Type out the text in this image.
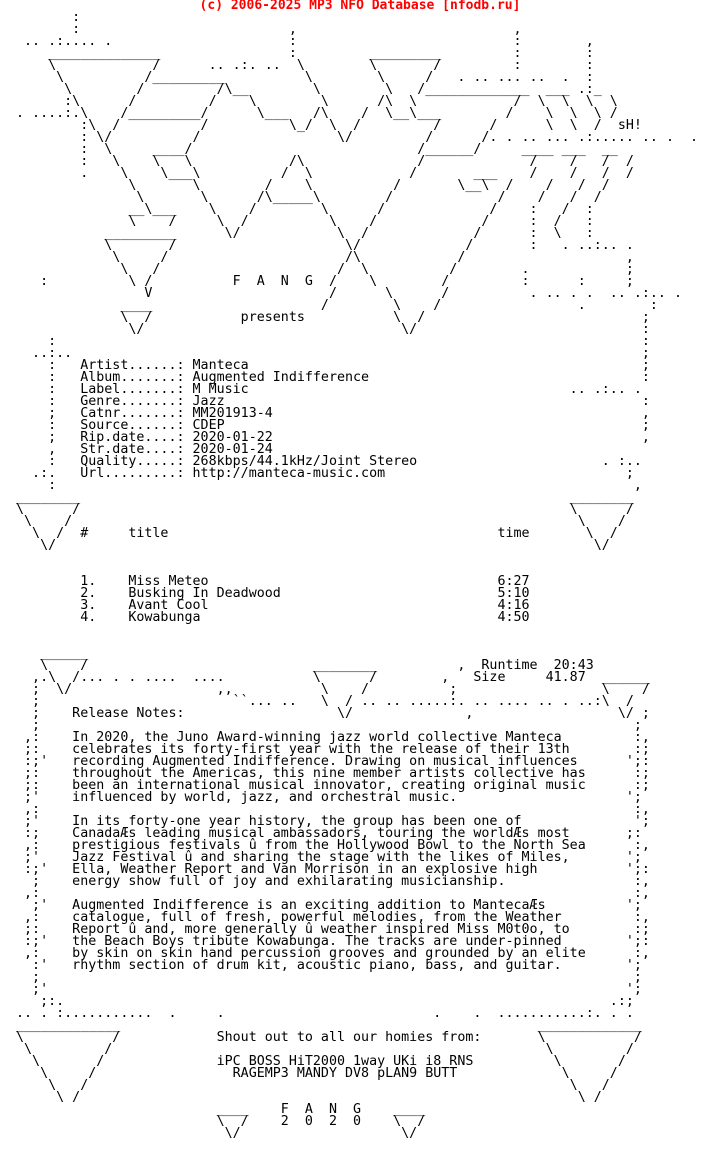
(c) 2006-2025 MP3 NFO Database [nfodb.ru]
:
:                          ,                           ,
.. .:.... .                      :                           :        ,
______________                :         _________         :        :
\            /      .. .:. ..  \        \       /         :        :
\          /_________          \        \     /   . .. ... ..  .  :
\        /         /\__        \        \   /_____________  ___ .:_
:\      /         /    \        \      /\  \            /  \  \  \  \
. ....:.\    /_________/      \___   /\    /  \__\___        /    \  \  \ /
:\  /          /          \_/  \  /         /      /      \  \  /  sH!
: \/          /                 \/         /      /. . .. ... .:..... .. .  .
:  \     ____/                            /______/     ____ ___  __
:   \    \   \            /\              /             /    /   /  /
.    \    \___\          /  \            /       ___    /    /   /  /
\       \        /    \          /       \__\  /    /   /  /
\       \      /\_____\        /             /    /   /  /
__\___    \    /        \      /             /    :   /  :
\    /     \  /          \    /             /     :  /   :
_________      \/            \  /             /      :  \   :
\       /                     \/             /       :   . ..:.. .
\     /                      /\            /                    ,
\   /                      /  \          /        .            ;
:          \ /          F  A  N  G  /    \        /         :      :     ;
V                      /      \      /          . .. . .  .. .:.. .
____                     /        \    /                 .        :
\  /           presents           \  /                           ;
\/                                \/                            :
:                                                                         :
..:..                                                                       ;
:   Artist......: Manteca                                                 ;
:   Album.......: Augmented Indifference                                  :
:   Label.......: M Music                                        .. .:.. .
:   Genre.......: Jazz                                                    :
;   Catnr.......: MM201913-4                                              ,
:   Source......: CDEP                                                    ;
;   Rip.date....: 2020-01-22                                              ,
,   Str.date....: 2020-01-24
:   Quality.....: 268kbps/44.1kHz/Joint Stereo                       . :..
.:.   Url.........: http://manteca-music.com                              ;
:                                                                        ,
________                                                             ________
\      /                                                             \      /
\    /                                                               \    /
\  /  #     title                                         time       \  /
\/                                                                   \/

1.    Miss Meteo                                    6:27
2.    Busking In Deadwood                           5:10
3.    Avant Cool                                    4:16
4.    Kowabunga                                     4:50

______
\    /                            ________          ,  Runtime  20:43
,.\  /... . . ....  ....           \      /        ,   Size     41.87  ______
;  \/                  ,,           \    /          ;                  \    /
;                        ``... ..   \  / .. .. .....:. .. .... .. . ..:\  /
;    Release Notes:                   \/              ,                  \/ ;
;                                                                          ;
,:    In 2020, the Juno Award-winning jazz world collective Manteca         :,
;:    celebrates its forty-first year with the release of their 13th        :;
:;'   recording Augmented Indifference. Drawing on musical influences      ';:
;:    throughout the Americas, this nine member artists collective has      :;
;:    been an international musical innovator, creating original music      :;
;'    influenced by world, jazz, and orchestral music.                     ';
,:                                                                          :,
;'    In its forty-one year history, the group has been one of              ';
:;    CanadaÆs leading musical ambassadors, touring the worldÆs most       ;:
,:    prestigious festivals û from the Hollywood Bowl to the North Sea      :,
;'    Jazz Festival û and sharing the stage with the likes of Miles,       ';
:;'   Ella, Weather Report and Van Morrison in an explosive high           ';:
;    energy show full of joy and exhilarating musicianship.                :,
,:                                                                          :,
;'   Augmented Indifference is an exciting addition to MantecaÆs          ';
,:    catalogue, full of fresh, powerful melodies, from the Weather         :,
;:    Report û and, more generally û weather inspired Miss M0t0o, to        :;
:;'   the Beach Boys tribute Kowabunga. The tracks are under-pinned        ';:
,:    by skin on skin hand percussion grooves and grounded by an elite      :,
:'   rhythm section of drum kit, acoustic piano, bass, and guitar.        ';
;                                                                          ;
;'                                                                        ';
;:.                                                                    .:;
.. . :...........  .     .                          .    .  ...........:. . .
_____________                                                    _____________
\           /            Shout out to all our homies from:       \           /
\         /                                                      \         /
\       /              iPC BOSS HiT2000 1way UKi i8 RNS          \       /
\     /                 RAGEMP3 MANDY DV8 pLAN9 BUTT             \     /
\   /                                                            \   /
\ /                                                              \ /
____    F  A  N  G    ____
\  /    2  0  2  0    \  /
\/                    \/
